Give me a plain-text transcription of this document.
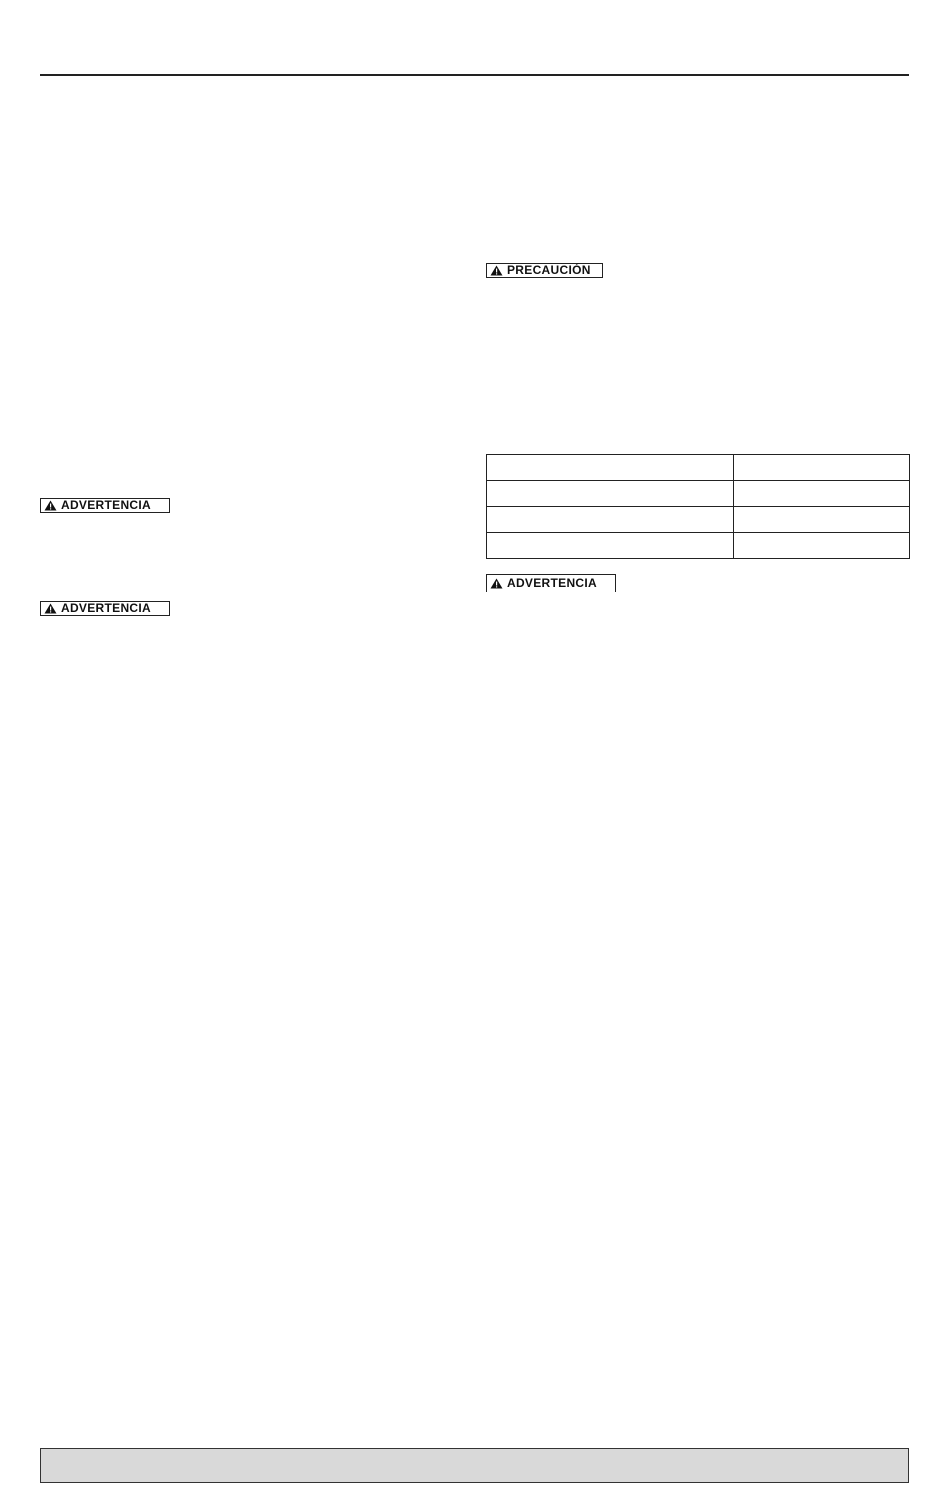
PRECAUCIÓN
ADVERTENCIA
ADVERTENCIA

ADVERTENCIA
